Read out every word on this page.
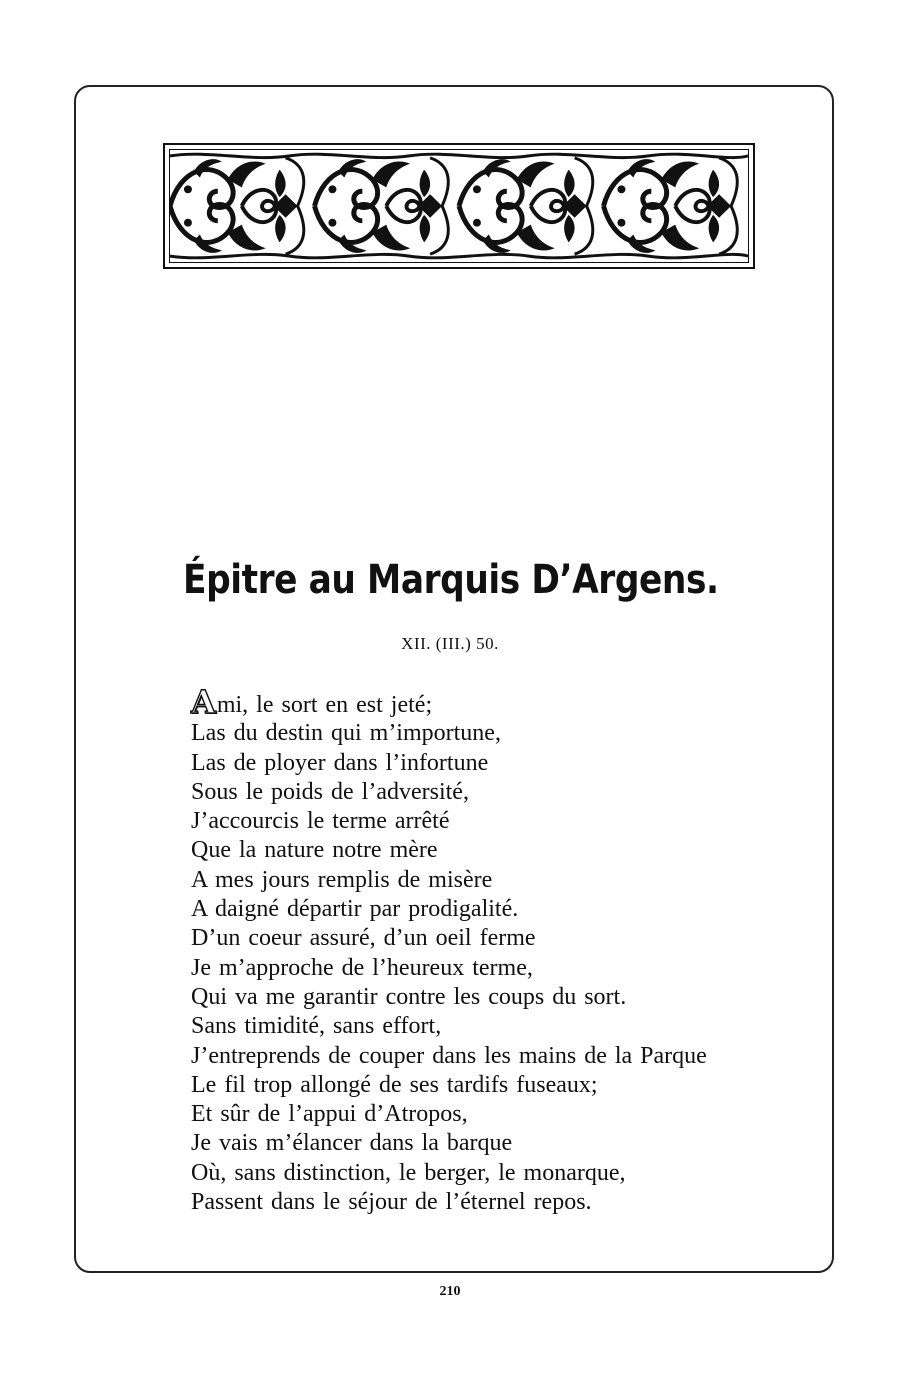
Épitre au Marquis D’Argens.
XII. (III.) 50.
Ami, le sort en est jeté;
Las du destin qui m’importune,
Las de ployer dans l’infortune
Sous le poids de l’adversité,
J’accourcis le terme arrêté
Que la nature notre mère
A mes jours remplis de misère
A daigné départir par prodigalité.
D’un coeur assuré, d’un oeil ferme
Je m’approche de l’heureux terme,
Qui va me garantir contre les coups du sort.
Sans timidité, sans effort,
J’entreprends de couper dans les mains de la Parque
Le fil trop allongé de ses tardifs fuseaux;
Et sûr de l’appui d’Atropos,
Je vais m’élancer dans la barque
Où, sans distinction, le berger, le monarque,
Passent dans le séjour de l’éternel repos.
210
